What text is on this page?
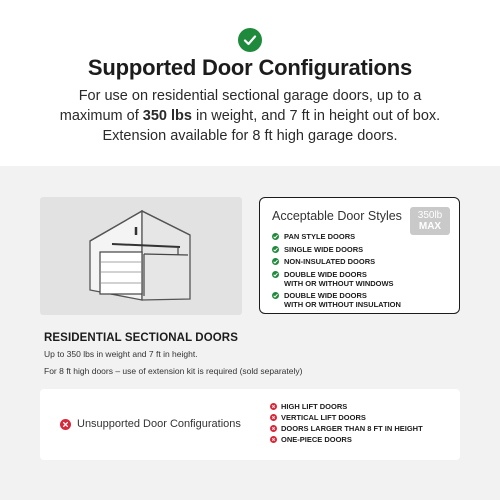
Supported Door Configurations
For use on residential sectional garage doors, up to a maximum of 350 lbs in weight, and 7 ft in height out of box. Extension available for 8 ft high garage doors.
Acceptable Door Styles	350lb
MAX
PAN STYLE DOORS
SINGLE WIDE DOORS
NON-INSULATED DOORS
DOUBLE WIDE DOORS
WITH OR WITHOUT WINDOWS
DOUBLE WIDE DOORS
WITH OR WITHOUT INSULATION
RESIDENTIAL SECTIONAL DOORS
Up to 350 lbs in weight and 7 ft in height.
For 8 ft high doors – use of extension kit is required (sold separately)
Unsupported Door Configurations
HIGH LIFT DOORS
VERTICAL LIFT DOORS
DOORS LARGER THAN 8 FT IN HEIGHT
ONE-PIECE DOORS
